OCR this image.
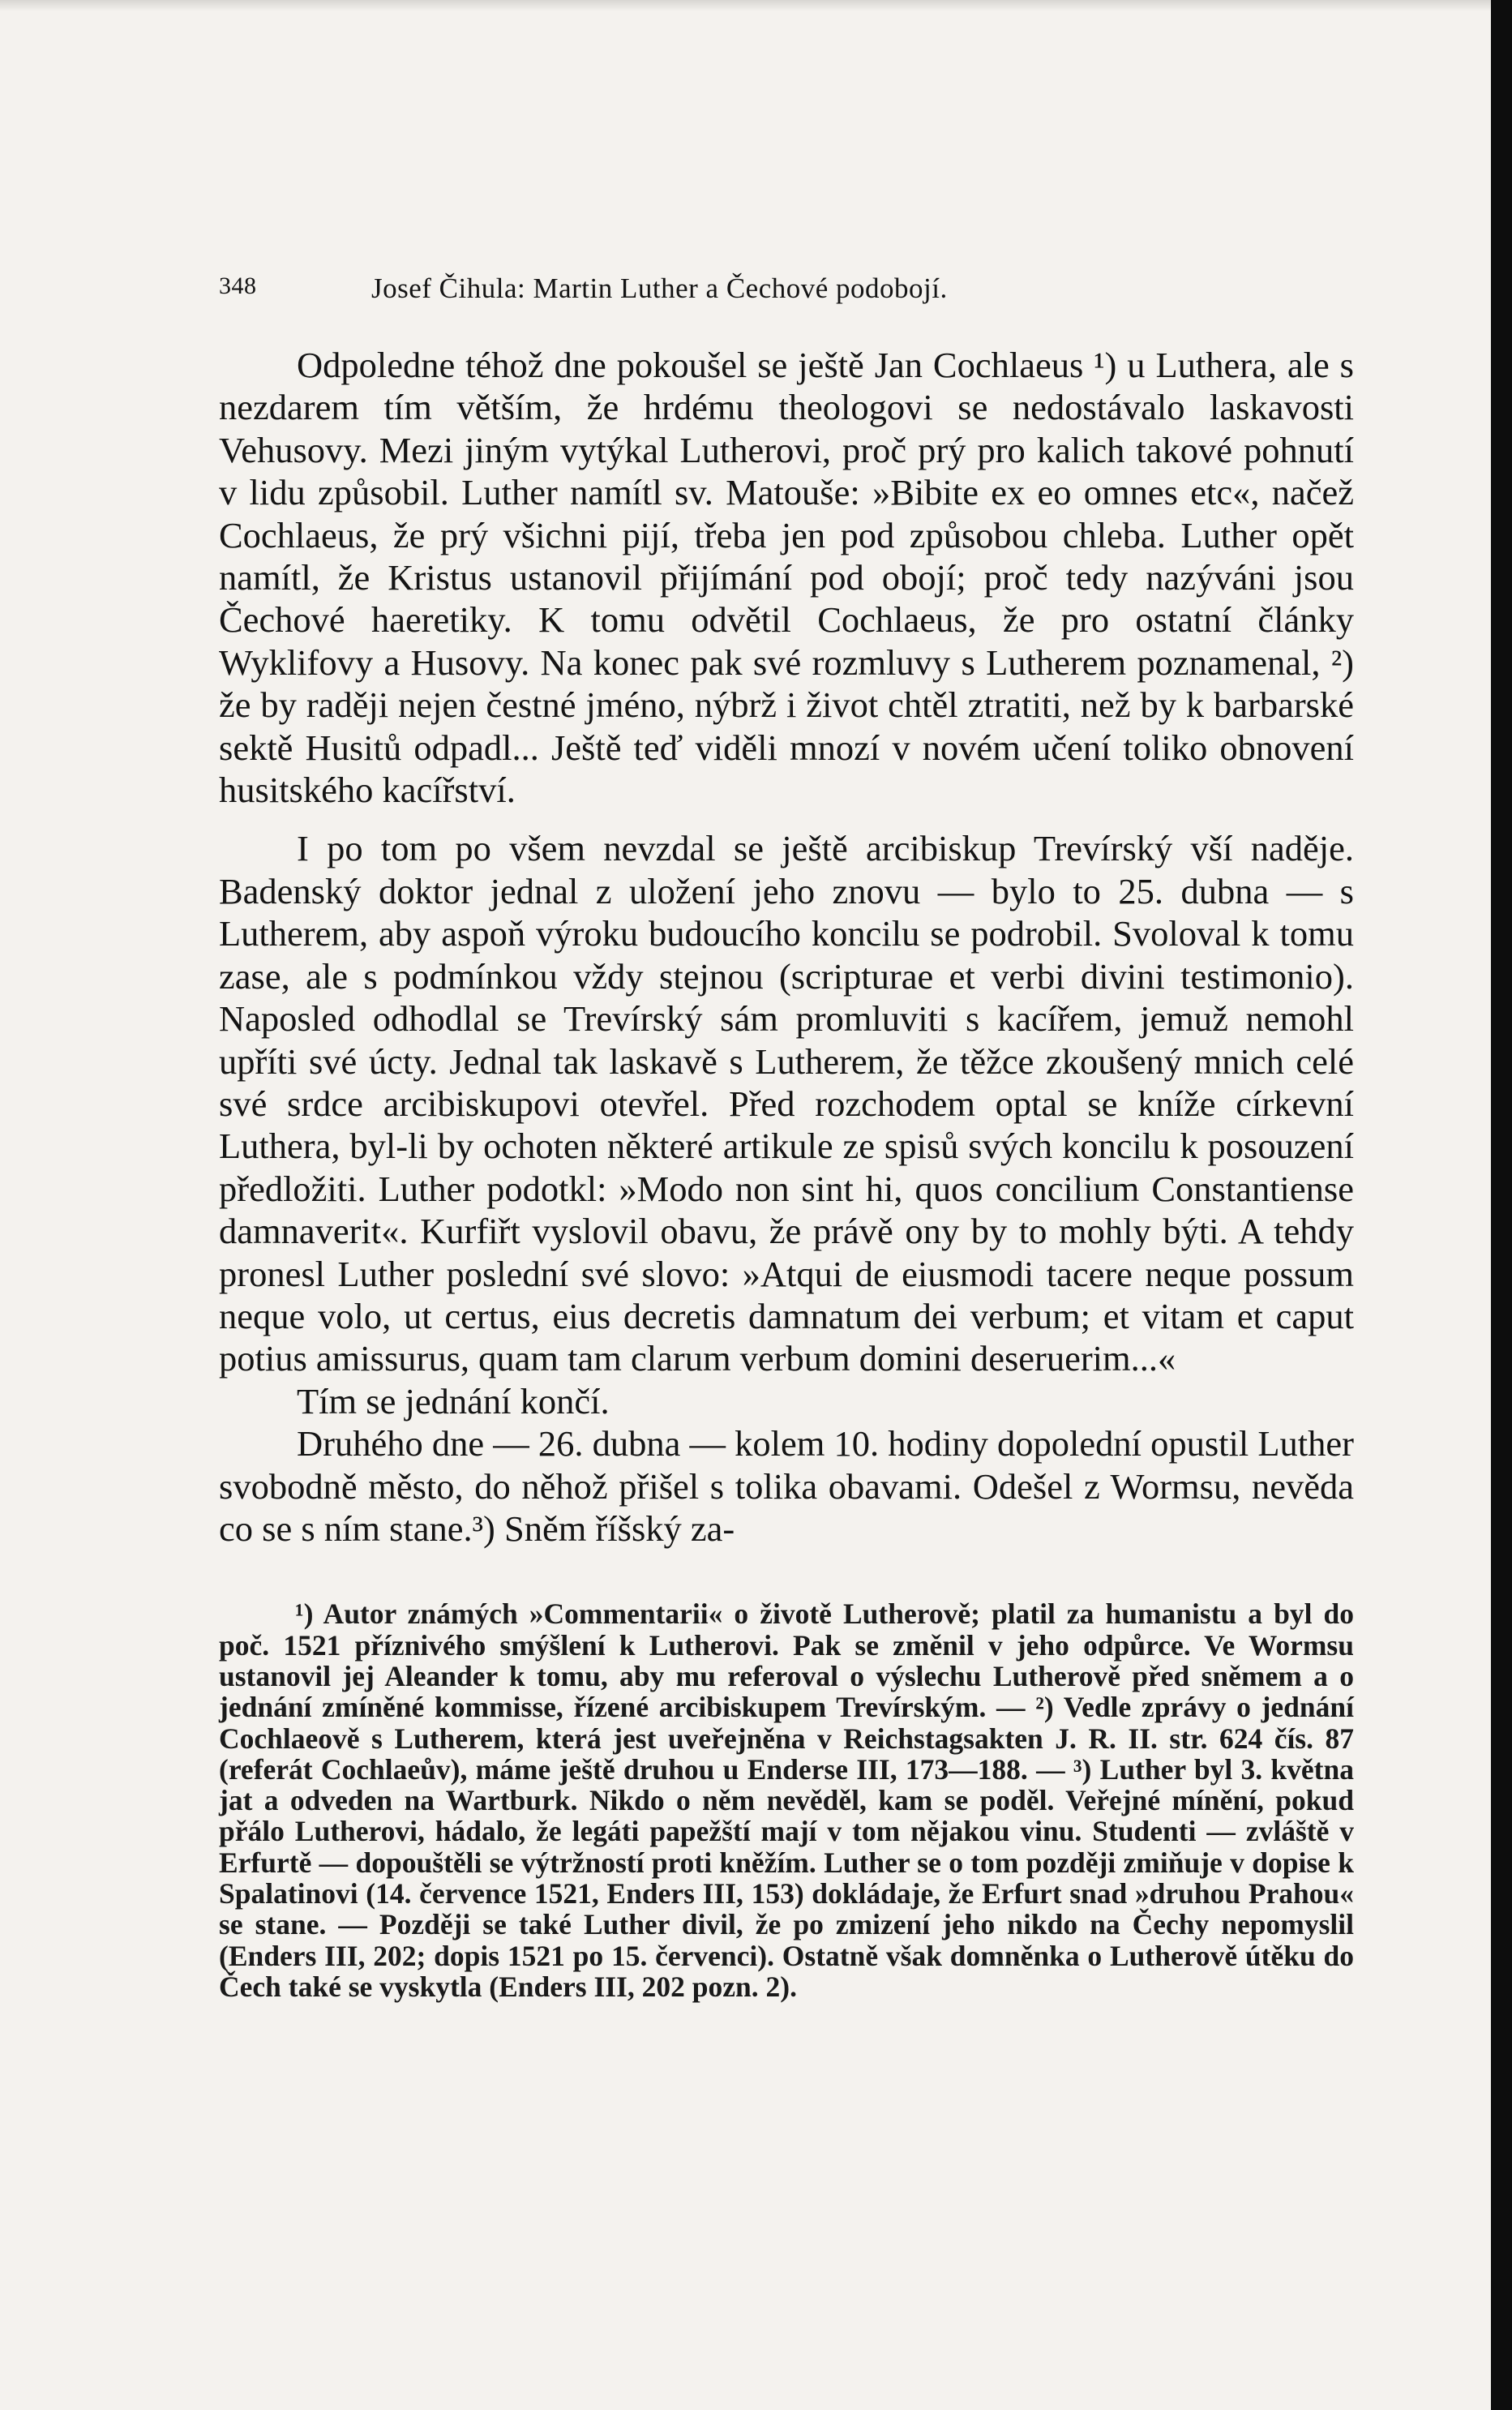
348	Josef Čihula: Martin Luther a Čechové podobojí.

Odpoledne téhož dne pokoušel se ještě Jan Cochlaeus ¹) u Luthera, ale s nezdarem tím větším, že hrdému theologovi se nedostávalo laskavosti Vehusovy. Mezi jiným vytýkal Lutherovi, proč prý pro kalich takové pohnutí v lidu způsobil. Luther namítl sv. Matouše: »Bibite ex eo omnes etc«, načež Cochlaeus, že prý všichni pijí, třeba jen pod způsobou chleba. Luther opět namítl, že Kristus ustanovil přijímání pod obojí; proč tedy nazýváni jsou Čechové haeretiky. K tomu odvětil Cochlaeus, že pro ostatní články Wyklifovy a Husovy. Na konec pak své rozmluvy s Lutherem poznamenal, ²) že by raději nejen čestné jméno, nýbrž i život chtěl ztratiti, než by k barbarské sektě Husitů odpadl... Ještě teď viděli mnozí v novém učení toliko obnovení husitského kacířství.

I po tom po všem nevzdal se ještě arcibiskup Trevírský vší naděje. Badenský doktor jednal z uložení jeho znovu — bylo to 25. dubna — s Lutherem, aby aspoň výroku budoucího koncilu se podrobil. Svoloval k tomu zase, ale s podmínkou vždy stejnou (scripturae et verbi divini testimonio). Naposled odhodlal se Trevírský sám promluviti s kacířem, jemuž nemohl upříti své úcty. Jednal tak laskavě s Lutherem, že těžce zkoušený mnich celé své srdce arcibiskupovi otevřel. Před rozchodem optal se kníže církevní Luthera, byl-li by ochoten některé artikule ze spisů svých koncilu k posouzení předložiti. Luther podotkl: »Modo non sint hi, quos concilium Constantiense damnaverit«. Kurfiřt vyslovil obavu, že právě ony by to mohly býti. A tehdy pronesl Luther poslední své slovo: »Atqui de eiusmodi tacere neque possum neque volo, ut certus, eius decretis damnatum dei verbum; et vitam et caput potius amissurus, quam tam clarum verbum domini deseruerim...«

Tím se jednání končí.

Druhého dne — 26. dubna — kolem 10. hodiny dopolední opustil Luther svobodně město, do něhož přišel s tolika obavami. Odešel z Wormsu, nevěda co se s ním stane.³) Sněm říšský za-

¹) Autor známých »Commentarii« o životě Lutherově; platil za humanistu a byl do poč. 1521 příznivého smýšlení k Lutherovi. Pak se změnil v jeho odpůrce. Ve Wormsu ustanovil jej Aleander k tomu, aby mu referoval o výslechu Lutherově před sněmem a o jednání zmíněné kommisse, řízené arcibiskupem Trevírským. — ²) Vedle zprávy o jednání Cochlaeově s Lutherem, která jest uveřejněna v Reichstagsakten J. R. II. str. 624 čís. 87 (referát Cochlaeův), máme ještě druhou u Enderse III, 173—188. — ³) Luther byl 3. května jat a odveden na Wartburk. Nikdo o něm nevěděl, kam se poděl. Veřejné mínění, pokud přálo Lutherovi, hádalo, že legáti papežští mají v tom nějakou vinu. Studenti — zvláště v Erfurtě — dopouštěli se výtržností proti kněžím. Luther se o tom později zmiňuje v dopise k Spalatinovi (14. července 1521, Enders III, 153) dokládaje, že Erfurt snad »druhou Prahou« se stane. — Později se také Luther divil, že po zmizení jeho nikdo na Čechy nepomyslil (Enders III, 202; dopis 1521 po 15. červenci). Ostatně však domněnka o Lutherově útěku do Čech také se vyskytla (Enders III, 202 pozn. 2).
